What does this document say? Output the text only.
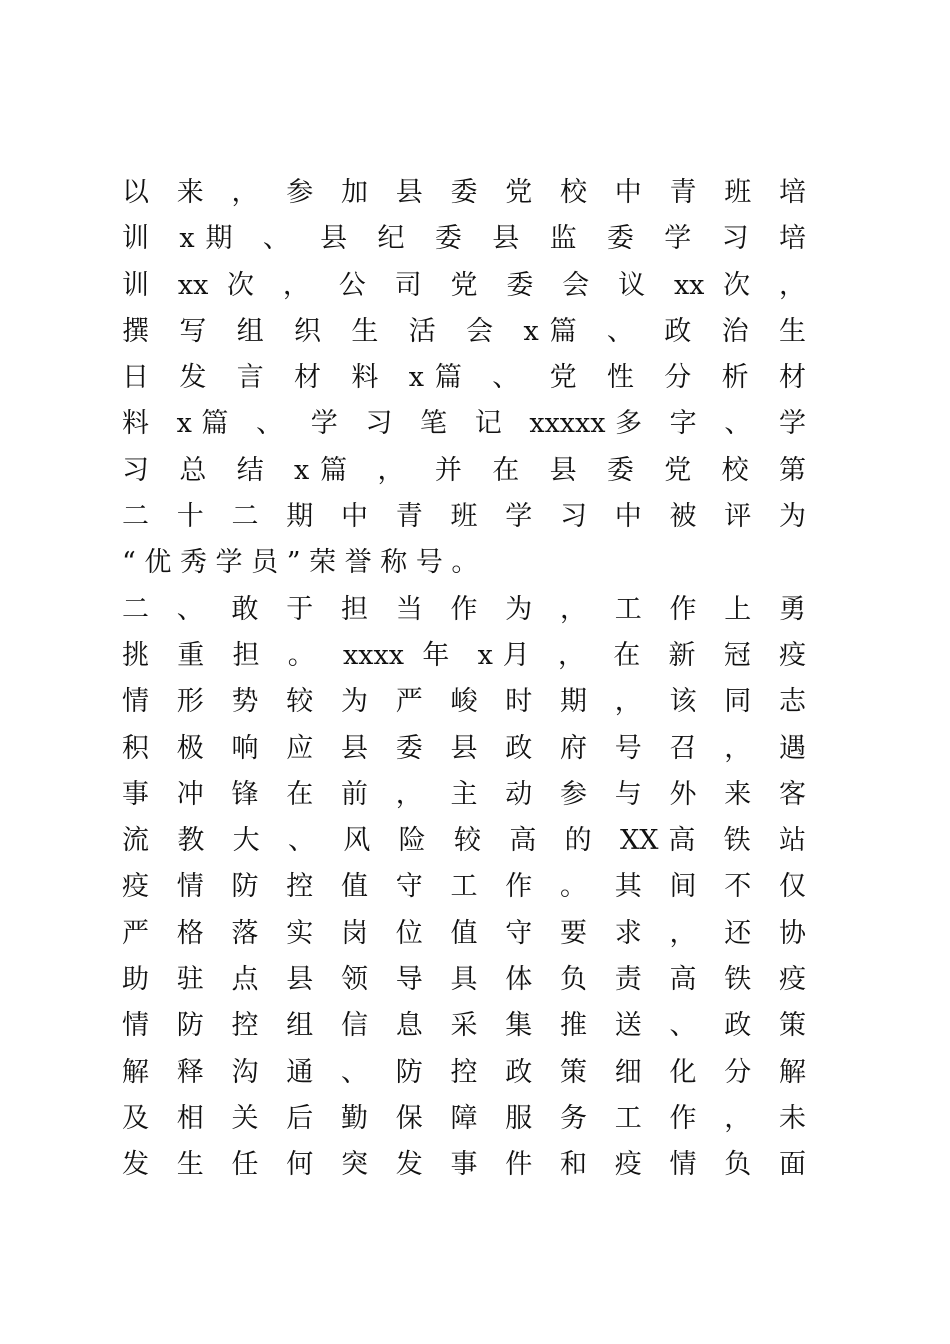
以 来 ， 参 加 县 委 党 校 中 青 班 培
训 x期 、 县 纪 委 县 监 委 学 习 培
训 xx 次 ， 公 司 党 委 会 议 xx 次 ，
撰 写 组 织 生 活 会 x篇 、 政 治 生
日 发 言 材 料 x篇 、 党 性 分 析 材
料 x篇 、 学 习 笔 记 xxxxx多 字 、 学
习 总 结 x篇 ， 并 在 县 委 党 校 第
二 十 二 期 中 青 班 学 习 中 被 评 为
“ 优 秀 学 员 ” 荣 誉 称 号 。
二 、 敢 于 担 当 作 为 ， 工 作 上 勇
挑 重 担 。 xxxx 年 x月 ， 在 新 冠 疫
情 形 势 较 为 严 峻 时 期 ， 该 同 志
积 极 响 应 县 委 县 政 府 号 召 ， 遇
事 冲 锋 在 前 ， 主 动 参 与 外 来 客
流 教 大 、 风 险 较 高 的 XX高 铁 站
疫 情 防 控 值 守 工 作 。 其 间 不 仅
严 格 落 实 岗 位 值 守 要 求 ， 还 协
助 驻 点 县 领 导 具 体 负 责 高 铁 疫
情 防 控 组 信 息 采 集 推 送 、 政 策
解 释 沟 通 、 防 控 政 策 细 化 分 解
及 相 关 后 勤 保 障 服 务 工 作 ， 未
发 生 任 何 突 发 事 件 和 疫 情 负 面
